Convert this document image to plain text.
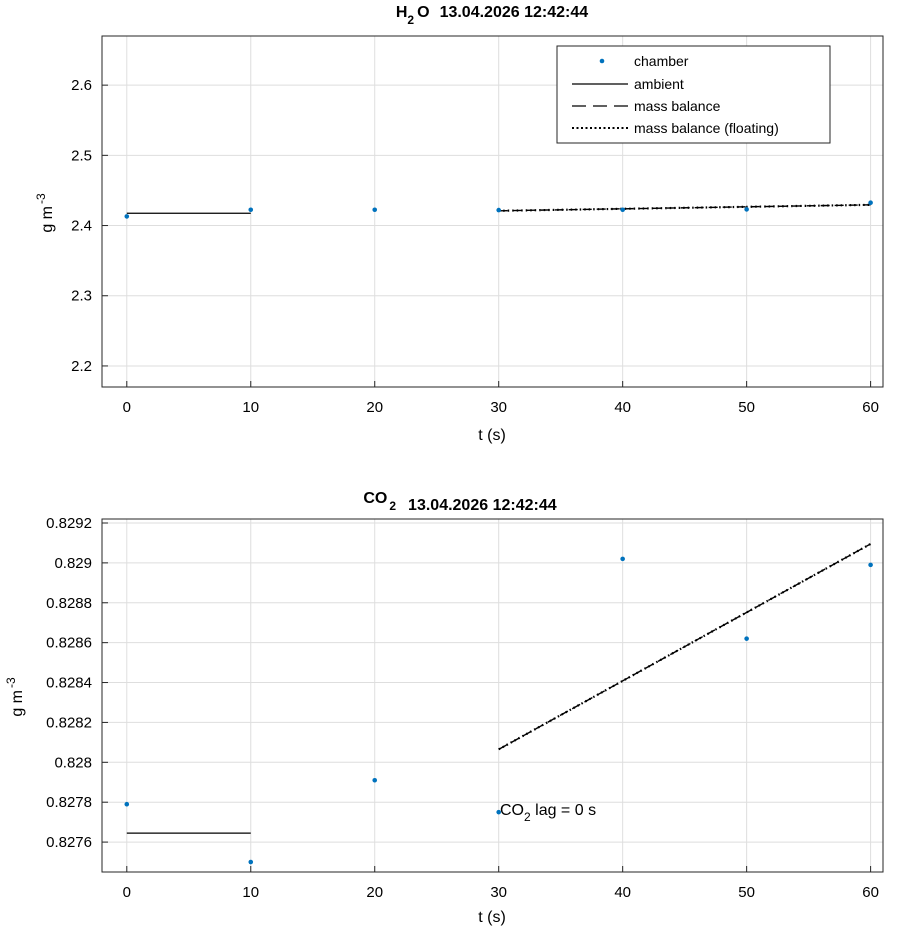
$H_2$ O 13.04.2026 12:42:44
0	10	20	30	40	50	60
2.2
2.3
2.4
2.5
2.6
t (s)
g $m^{-3}$
chamber
ambient
mass balance
mass balance (floating)
CO $_2$ 13.04.2026 12:42:44
0	10	20	30	40	50	60
0.8276
0.8278
0.828
0.8282
0.8284
0.8286
0.8288
0.829
0.8292
$CO_2$ lag = 0 s
t (s)
g $m^{-3}$
